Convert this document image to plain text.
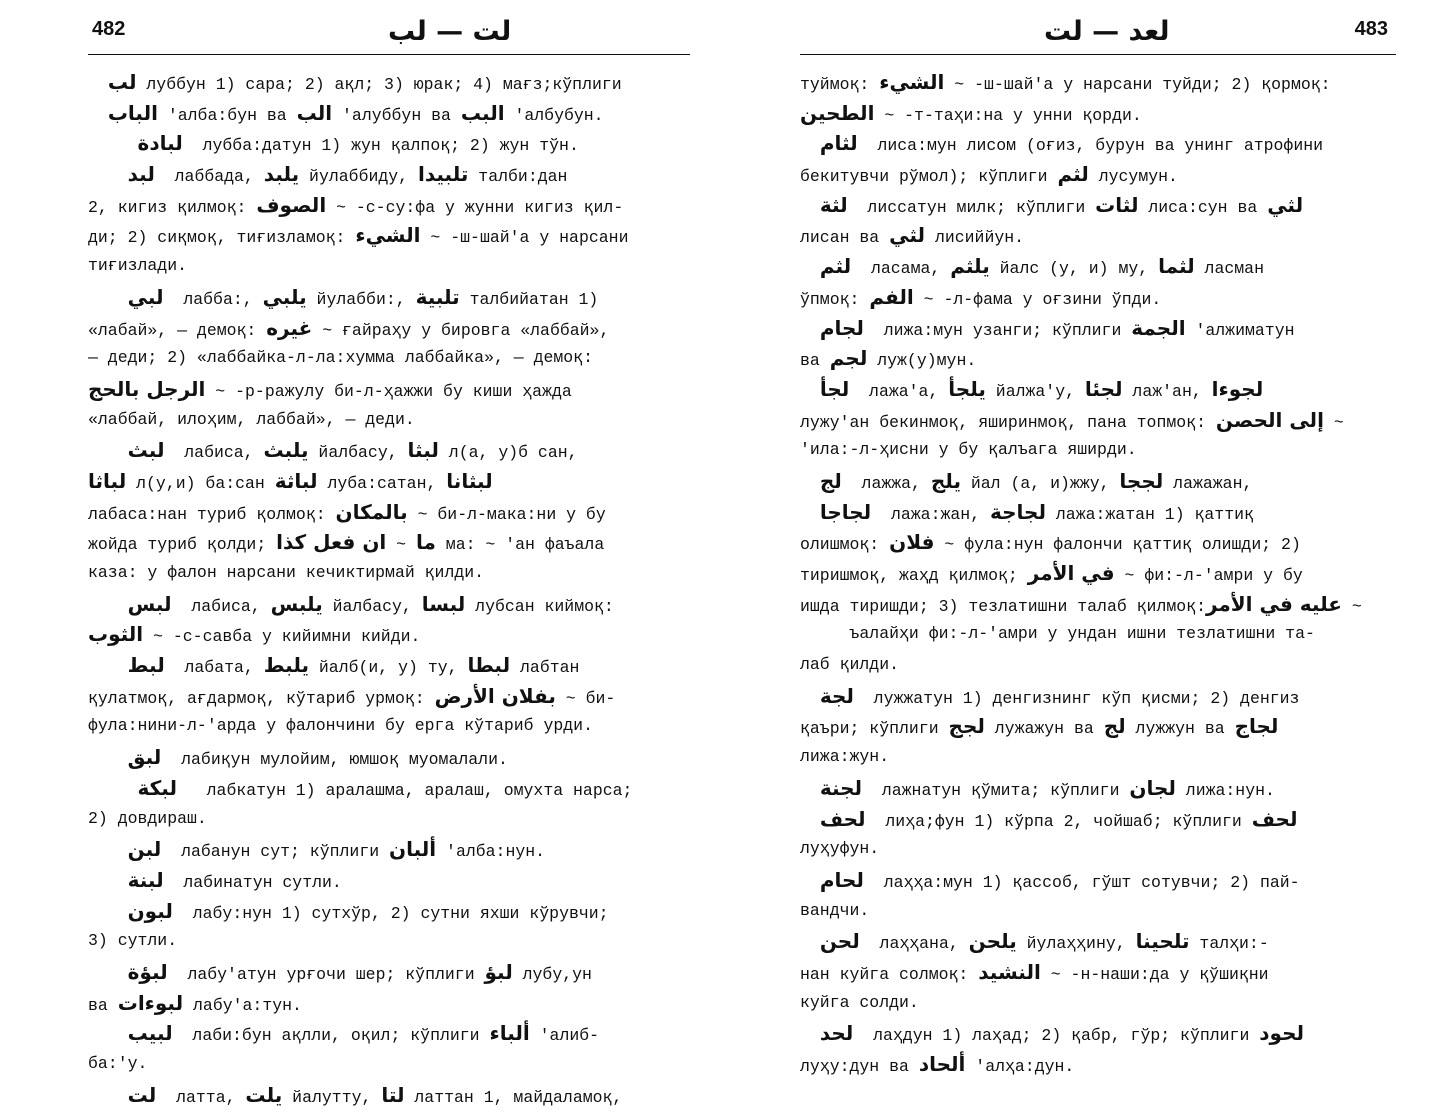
482	لت — لب
لب луббун 1) сара; 2) ақл; 3) юрак; 4) мағз;кўплиги
الباب 'алба:бун ва الب 'алуббун ва البب 'албубун.
لبادة  лубба:датун 1) жун қалпоқ; 2) жун тўн.
لبد  лаббада, يلبد йулаббиду, تلبيدا талби:дан
2, кигиз қилмоқ: الصوف ~ -с-су:фа у жунни кигиз қил-
ди; 2) сиқмоқ, тиғизламоқ: الشيء ~ -ш-шай'а у нарсани
тиғизлади.
لبي  лабба:, يلبي йулабби:, تلبية талбийатан 1)
«лабай», — демоқ: غيره ~ ғайраҳу у бировга «лаббай»,
— деди; 2) «лаббайка-л-ла:хумма лаббайка», — демоқ:
الرجل بالحج ~ -р-ражулу би-л-ҳажжи бу киши ҳажда
«лаббай, илоҳим, лаббай», — деди.
لبث  лабиса, يلبث йалбасу, لبثا л(а, у)б сан,
لباثا л(у,и) ба:сан لباثة луба:сатан, لبثانا
лабаса:нан туриб қолмоқ: بالمكان ~ би-л-мака:ни у бу
жойда туриб қолди; ان فعل كذا ~ ما ма: ~ 'ан фаъала
каза: у фалон нарсани кечиктирмай қилди.
لبس  лабиса, يلبس йалбасу, لبسا лубсан киймоқ:
الثوب ~ -с-савба у кийимни кийди.
لبط  лабата, يلبط йалб(и, у) ту, لبطا лабтан
қулатмоқ, ағдармоқ, кўтариб урмоқ: بفلان الأرض ~ би-
фула:нини-л-'арда у фалончини бу ерга кўтариб урди.
لبق  лабиқун мулойим, юмшоқ муомалали.
لبكة   лабкатун 1) аралашма, аралаш, омухта нарса;
2) довдираш.
لبن  лабанун сут; кўплиги ألبان 'алба:нун.
لبنة  лабинатун сутли.
لبون  лабу:нун 1) сутхўр, 2) сутни яхши кўрувчи;
3) сутли.
لبؤة  лабу'атун урғочи шер; кўплиги لبؤ лубу,ун
ва لبوءات лабу'а:тун.
لبيب  лаби:бун ақлли, оқил; кўплиги ألباء 'алиб-
ба:'у.
لت  латта, يلت йалутту, لتا латтан 1, майдаламоқ,
483
لعد — لت
туймоқ: الشيء ~ -ш-шай'а у нарсани туйди; 2) қормоқ:
الطحين ~ -т-таҳи:на у унни қорди.
لثام  лиса:мун лисом (оғиз, бурун ва унинг атрофини
бекитувчи рўмол); кўплиги لثم лусумун.
لثة  лиссатун милк; кўплиги لثات лиса:сун ва لثي
лисан ва لثي лисиййун.
لثم  ласама, يلثم йалс (у, и) му, لثما ласман
ўпмоқ: الفم ~ -л-фама у оғзини ўпди.
لجام  лижа:мун узанги; кўплиги الجمة 'алжиматун
ва لجم луж(у)мун.
لجأ  лажа'а, يلجأ йалжа'у, لجئا лаж'ан, لجوءا
лужу'ан бекинмоқ, яширинмоқ, пана топмоқ: إلى الحصن ~
'ила:-л-ҳисни у бу қалъага яширди.
لج  лажжа, يلج йал (а, и)жжу, لججا лажажан,
لجاجا  лажа:жан, لجاجة лажа:жатан 1) қаттиқ
олишмоқ: فلان ~ фула:нун фалончи қаттиқ олишди; 2)
тиришмоқ, жаҳд қилмоқ; في الأمر ~ фи:-л-'амри у бу
ишда тиришди; 3) тезлатишни талаб қилмоқ:عليه في الأمر ~
ъалайҳи фи:-л-'амри у ундан ишни тезлатишни та-
лаб қилди.
لجة  лужжатун 1) денгизнинг кўп қисми; 2) денгиз
қаъри; кўплиги لجج лужажун ва لج лужжун ва لجاج
лижа:жун.
لجنة  лажнатун қўмита; кўплиги لجان лижа:нун.
لحف  лиҳа;фун 1) кўрпа 2, чойшаб; кўплиги لحف
луҳуфун.
لحام  лаҳҳа:мун 1) қассоб, гўшт сотувчи; 2) пай-
вандчи.
لحن  лаҳҳана, يلحن йулаҳҳину, تلحينا талҳи:-
нан куйга солмоқ: النشيد ~ -н-наши:да у қўшиқни
куйга солди.
لحد  лаҳдун 1) лаҳад; 2) қабр, гўр; кўплиги لحود
луҳу:дун ва ألحاد 'алҳа:дун.
